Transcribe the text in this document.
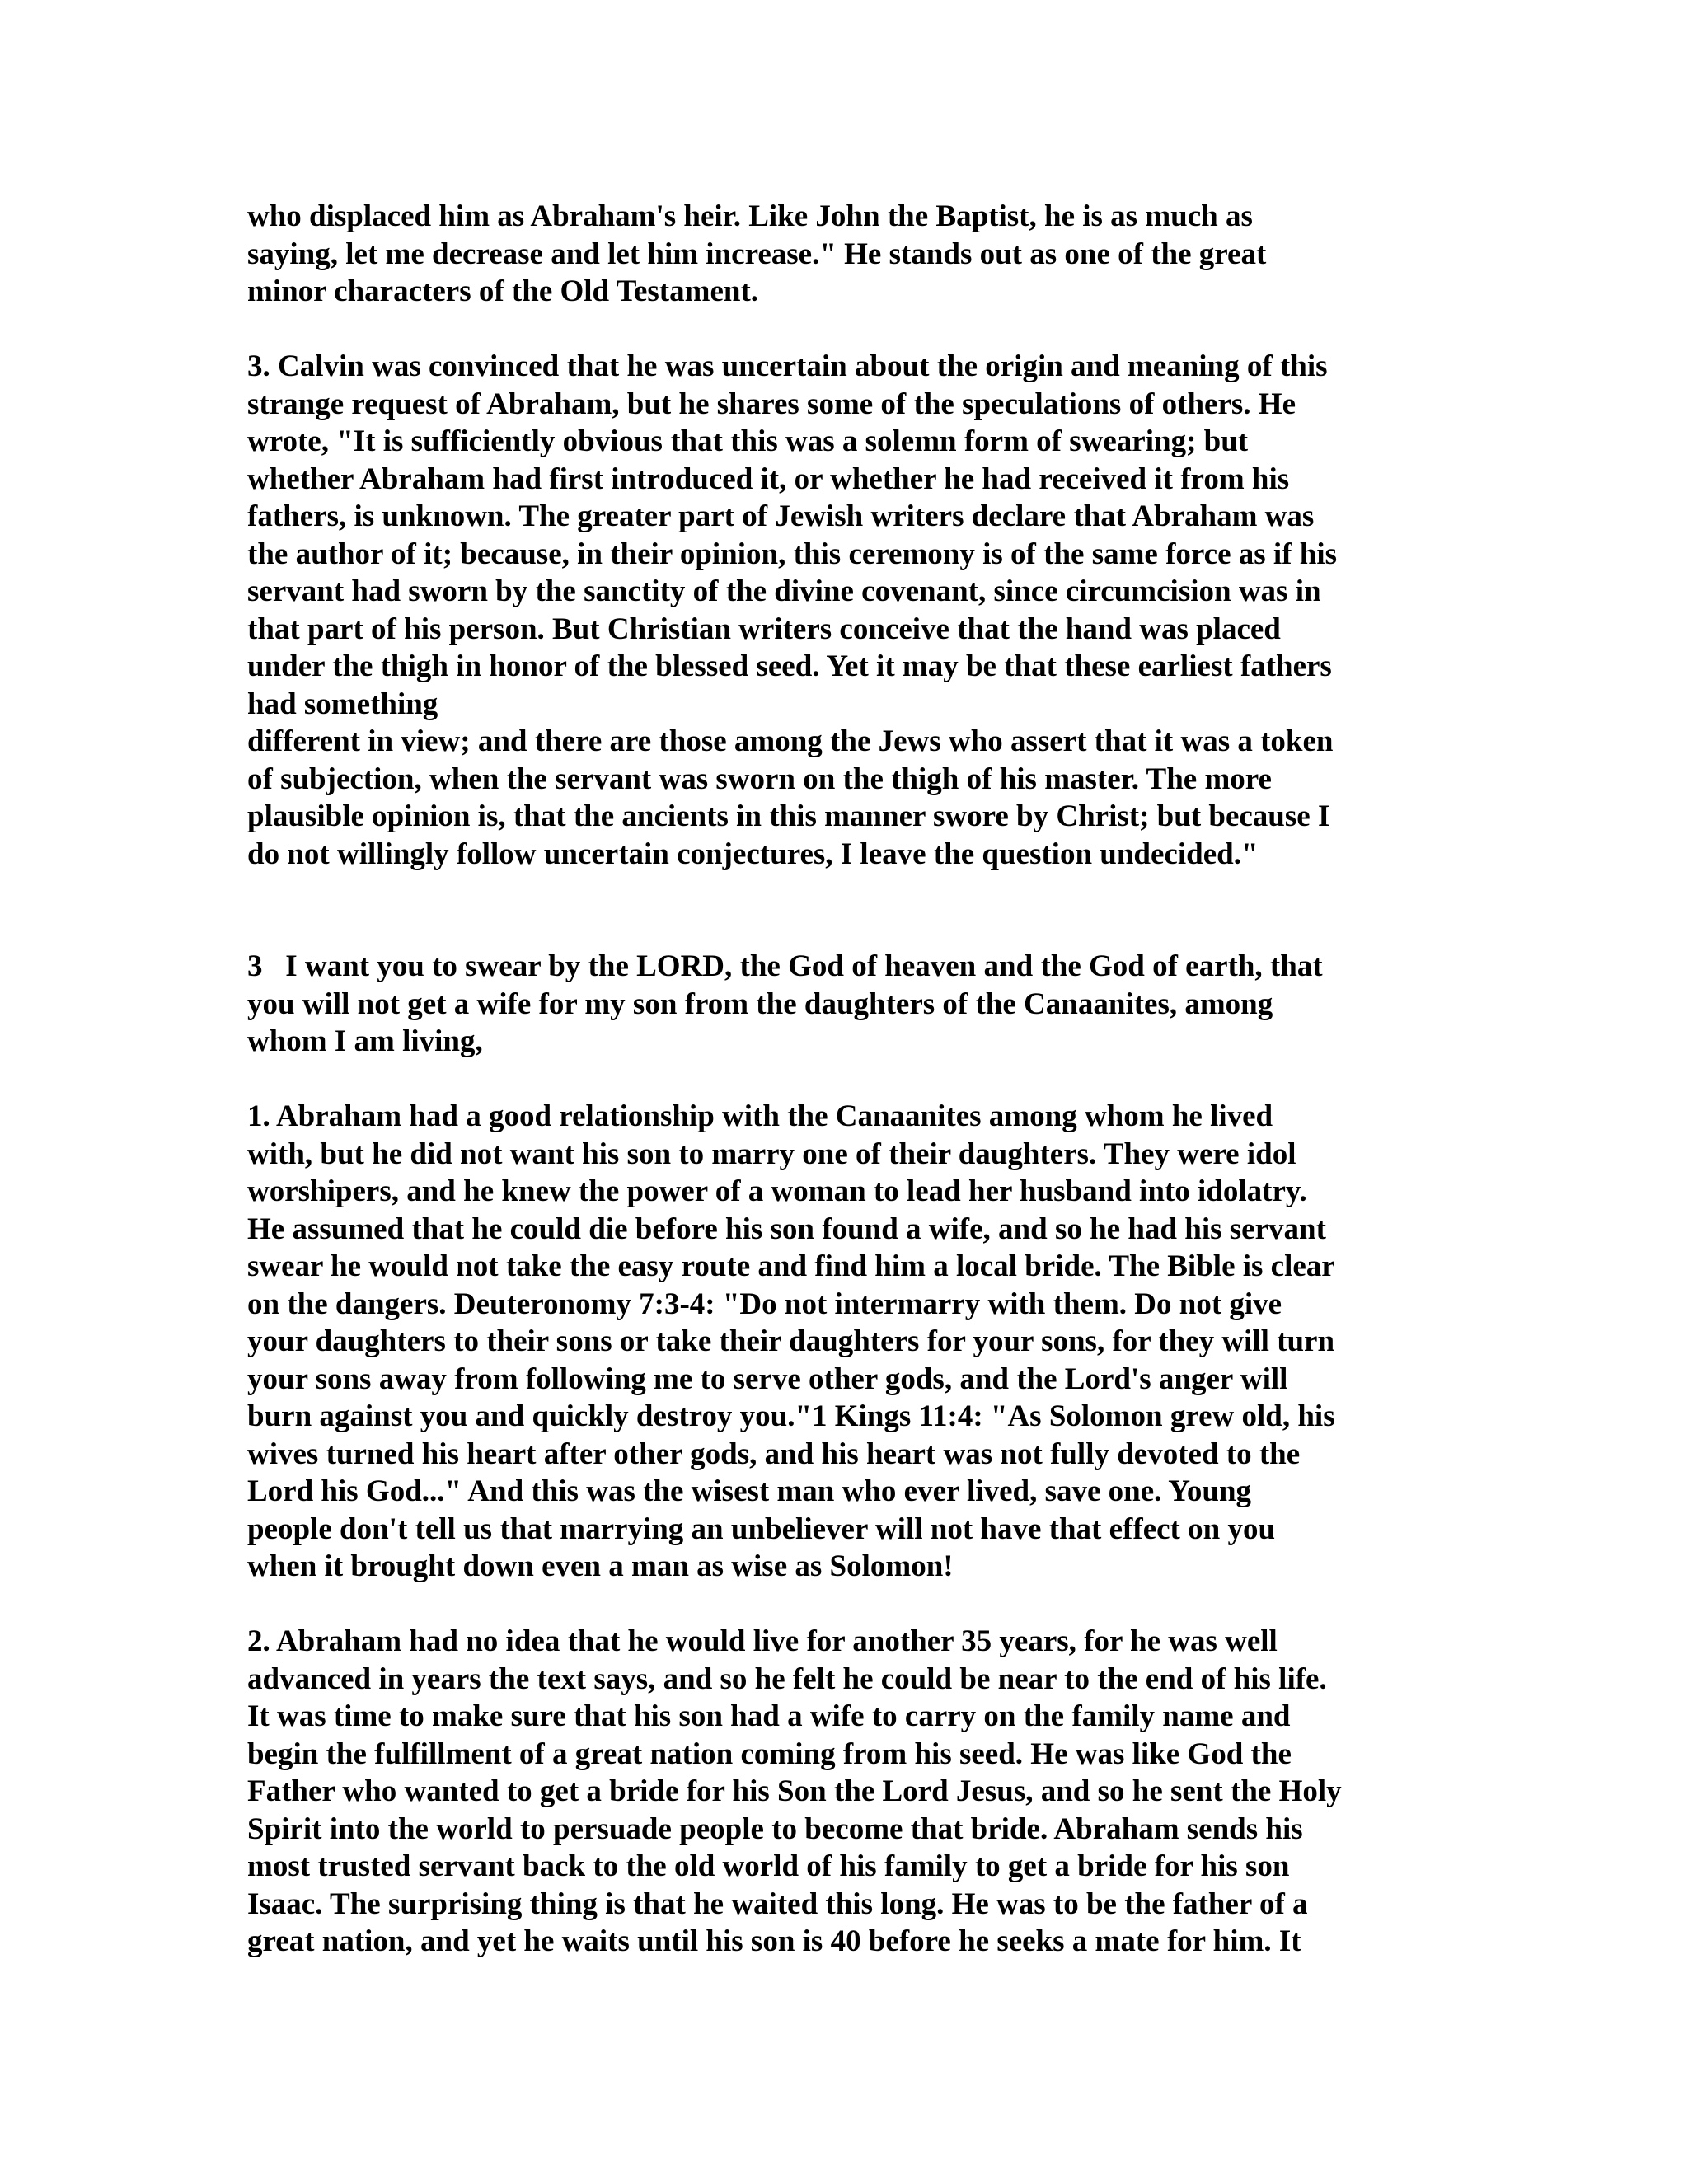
who displaced him as Abraham's heir. Like John the Baptist, he is as much as
saying, let me decrease and let him increase." He stands out as one of the great
minor characters of the Old Testament.
3. Calvin was convinced that he was uncertain about the origin and meaning of this
strange request of Abraham, but he shares some of the speculations of others. He
wrote, "It is sufficiently obvious that this was a solemn form of swearing; but
whether Abraham had first introduced it, or whether he had received it from his
fathers, is unknown. The greater part of Jewish writers declare that Abraham was
the author of it; because, in their opinion, this ceremony is of the same force as if his
servant had sworn by the sanctity of the divine covenant, since circumcision was in
that part of his person. But Christian writers conceive that the hand was placed
under the thigh in honor of the blessed seed. Yet it may be that these earliest fathers
had something
different in view; and there are those among the Jews who assert that it was a token
of subjection, when the servant was sworn on the thigh of his master. The more
plausible opinion is, that the ancients in this manner swore by Christ; but because I
do not willingly follow uncertain conjectures, I leave the question undecided."
3   I want you to swear by the LORD, the God of heaven and the God of earth, that
you will not get a wife for my son from the daughters of the Canaanites, among
whom I am living,
1. Abraham had a good relationship with the Canaanites among whom he lived
with, but he did not want his son to marry one of their daughters. They were idol
worshipers, and he knew the power of a woman to lead her husband into idolatry.
He assumed that he could die before his son found a wife, and so he had his servant
swear he would not take the easy route and find him a local bride. The Bible is clear
on the dangers. Deuteronomy 7:3-4: "Do not intermarry with them. Do not give
your daughters to their sons or take their daughters for your sons, for they will turn
your sons away from following me to serve other gods, and the Lord's anger will
burn against you and quickly destroy you."1 Kings 11:4: "As Solomon grew old, his
wives turned his heart after other gods, and his heart was not fully devoted to the
Lord his God..." And this was the wisest man who ever lived, save one. Young
people don't tell us that marrying an unbeliever will not have that effect on you
when it brought down even a man as wise as Solomon!
2. Abraham had no idea that he would live for another 35 years, for he was well
advanced in years the text says, and so he felt he could be near to the end of his life.
It was time to make sure that his son had a wife to carry on the family name and
begin the fulfillment of a great nation coming from his seed. He was like God the
Father who wanted to get a bride for his Son the Lord Jesus, and so he sent the Holy
Spirit into the world to persuade people to become that bride. Abraham sends his
most trusted servant back to the old world of his family to get a bride for his son
Isaac. The surprising thing is that he waited this long. He was to be the father of a
great nation, and yet he waits until his son is 40 before he seeks a mate for him. It
